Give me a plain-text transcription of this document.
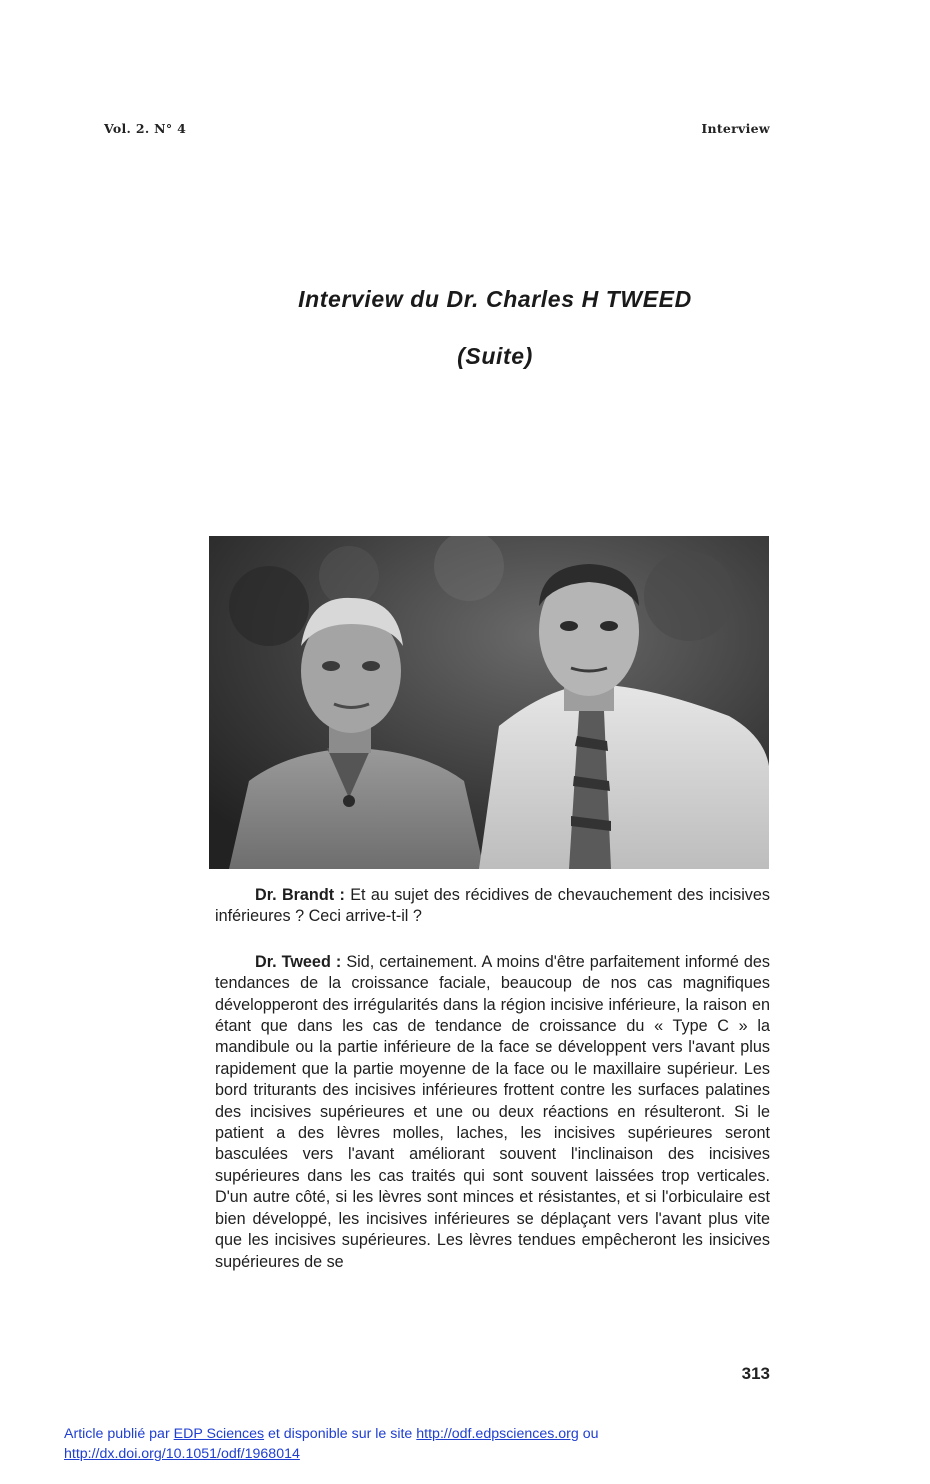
Vol. 2. N° 4	Interview
Interview du Dr. Charles H TWEED
(Suite)

Dr. Brandt : Et au sujet des récidives de chevauchement des incisives inférieures ? Ceci arrive-t-il ?

Dr. Tweed : Sid, certainement. A moins d'être parfaitement informé des tendances de la croissance faciale, beaucoup de nos cas magnifiques développeront des irrégularités dans la région incisive inférieure, la raison en étant que dans les cas de tendance de croissance du « Type C » la mandibule ou la partie inférieure de la face se développent vers l'avant plus rapidement que la partie moyenne de la face ou le maxillaire supérieur. Les bord triturants des incisives inférieures frottent contre les surfaces palatines des incisives supérieures et une ou deux réactions en résulteront. Si le patient a des lèvres molles, laches, les incisives supérieures seront basculées vers l'avant améliorant souvent l'inclinaison des incisives supérieures dans les cas traités qui sont souvent laissées trop verticales. D'un autre côté, si les lèvres sont minces et résistantes, et si l'orbiculaire est bien développé, les incisives inférieures se déplaçant vers l'avant plus vite que les incisives supérieures. Les lèvres tendues empêcheront les insicives supérieures de se

313
Article publié par EDP Sciences et disponible sur le site http://odf.edpsciences.org ou
http://dx.doi.org/10.1051/odf/1968014
